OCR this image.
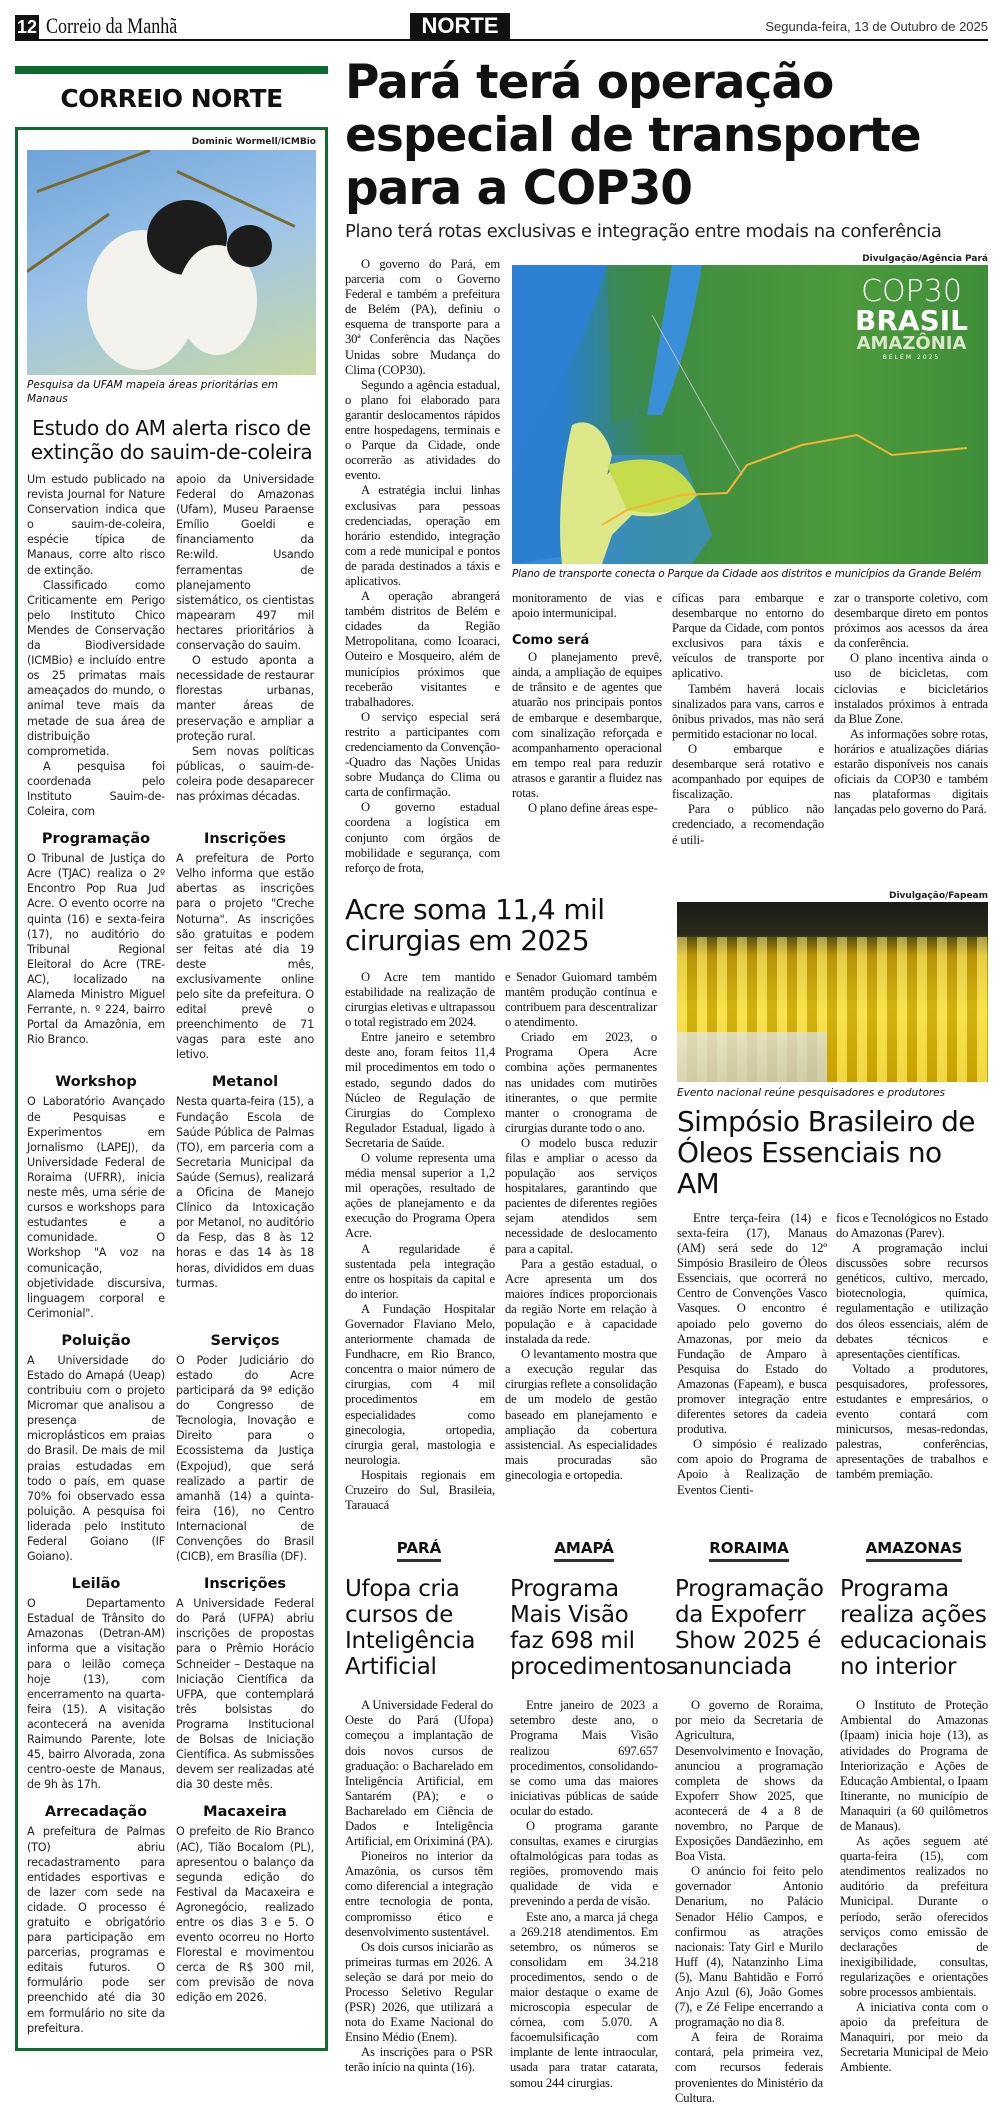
12 Correio da Manhã	NORTE	Segunda-feira, 13 de Outubro de 2025
CORREIO NORTE
Dominic Wormell/ICMBio
Pesquisa da UFAM mapeia áreas prioritárias em Manaus
Estudo do AM alerta risco de extinção do sauim-de-coleira

Um estudo publicado na revista Journal for Nature Conservation indica que o sauim-de-coleira, espécie típica de Manaus, corre alto risco de extinção.

Classificado como Criticamente em Perigo pelo Instituto Chico Mendes de Conservação da Biodiversidade (ICMBio) e incluído entre os 25 primatas mais ameaçados do mundo, o animal teve mais da metade de sua área de distribuição comprometida.

A pesquisa foi coordenada pelo Instituto Sauim-de-Coleira, com

apoio da Universidade Federal do Amazonas (Ufam), Museu Paraense Emílio Goeldi e financiamento da Re:wild. Usando ferramentas de planejamento sistemático, os cientistas mapearam 497 mil hectares prioritários à conservação do sauim.

O estudo aponta a necessidade de restaurar florestas urbanas, manter áreas de preservação e ampliar a proteção rural.

Sem novas políticas públicas, o sauim-de-coleira pode desaparecer nas próximas décadas.

Programação

O Tribunal de Justiça do Acre (TJAC) realiza o 2º Encontro Pop Rua Jud Acre. O evento ocorre na quinta (16) e sexta-feira (17), no auditório do Tribunal Regional Eleitoral do Acre (TRE-AC), localizado na Alameda Ministro Miguel Ferrante, n. º 224, bairro Portal da Amazônia, em Rio Branco.

Inscrições

A prefeitura de Porto Velho informa que estão abertas as inscrições para o projeto "Creche Noturna". As inscrições são gratuitas e podem ser feitas até dia 19 deste mês, exclusivamente online pelo site da prefeitura. O edital prevê o preenchimento de 71 vagas para este ano letivo.

Workshop

O Laboratório Avançado de Pesquisas e Experimentos em Jornalismo (LAPEJ), da Universidade Federal de Roraima (UFRR), inicia neste mês, uma série de cursos e workshops para estudantes e a comunidade. O Workshop "A voz na comunicação, objetividade discursiva, linguagem corporal e Cerimonial".

Metanol

Nesta quarta-feira (15), a Fundação Escola de Saúde Pública de Palmas (TO), em parceria com a Secretaria Municipal da Saúde (Semus), realizará a Oficina de Manejo Clínico da Intoxicação por Metanol, no auditório da Fesp, das 8 às 12 horas e das 14 às 18 horas, divididos em duas turmas.

Poluição

A Universidade do Estado do Amapá (Ueap) contribuiu com o projeto Micromar que analisou a presença de microplásticos em praias do Brasil. De mais de mil praias estudadas em todo o país, em quase 70% foi observado essa poluição. A pesquisa foi liderada pelo Instituto Federal Goiano (IF Goiano).

Serviços

O Poder Judiciário do estado do Acre participará da 9ª edição do Congresso de Tecnologia, Inovação e Direito para o Ecossistema da Justiça (Expojud), que será realizado a partir de amanhã (14) a quinta-feira (16), no Centro Internacional de Convenções do Brasil (CICB), em Brasília (DF).

Leilão

O Departamento Estadual de Trânsito do Amazonas (Detran-AM) informa que a visitação para o leilão começa hoje (13), com encerramento na quarta-feira (15). A visitação acontecerá na avenida Raimundo Parente, lote 45, bairro Alvorada, zona centro-oeste de Manaus, de 9h às 17h.

Inscrições

A Universidade Federal do Pará (UFPA) abriu inscrições de propostas para o Prêmio Horácio Schneider – Destaque na Iniciação Científica da UFPA, que contemplará três bolsistas do Programa Institucional de Bolsas de Iniciação Científica. As submissões devem ser realizadas até dia 30 deste mês.

Arrecadação

A prefeitura de Palmas (TO) abriu recadastramento para entidades esportivas e de lazer com sede na cidade. O processo é gratuito e obrigatório para participação em parcerias, programas e editais futuros. O formulário pode ser preenchido até dia 30 em formulário no site da prefeitura.

Macaxeira

O prefeito de Rio Branco (AC), Tião Bocalom (PL), apresentou o balanço da segunda edição do Festival da Macaxeira e Agronegócio, realizado entre os dias 3 e 5. O evento ocorreu no Horto Florestal e movimentou cerca de R$ 300 mil, com previsão de nova edição em 2026.

Pará terá operação especial de transporte para a COP30
Plano terá rotas exclusivas e integração entre modais na conferência

O governo do Pará, em parceria com o Governo Federal e também a prefeitura de Belém (PA), definiu o esquema de transporte para a 30ª Conferência das Nações Unidas sobre Mudança do Clima (COP30).

Segundo a agência estadual, o plano foi elaborado para garantir deslocamentos rápidos entre hospedagens, terminais e o Parque da Cidade, onde ocorrerão as atividades do evento.

A estratégia inclui linhas exclusivas para pessoas credenciadas, operação em horário estendido, integração com a rede municipal e pontos de parada destinados a táxis e aplicativos.

A operação abrangerá também distritos de Belém e cidades da Região Metropolitana, como Icoaraci, Outeiro e Mosqueiro, além de municípios próximos que receberão visitantes e trabalhadores.

O serviço especial será restrito a participantes com credenciamento da Convenção--Quadro das Nações Unidas sobre Mudança do Clima ou carta de confirmação.

O governo estadual coordena a logística em conjunto com órgãos de mobilidade e segurança, com reforço de frota,

Divulgação/Agência Pará
COP30
BRASIL
AMAZÔNIA
BELÉM 2025
Plano de transporte conecta o Parque da Cidade aos distritos e municípios da Grande Belém

monitoramento de vias e apoio intermunicipal.

Como será

O planejamento prevê, ainda, a ampliação de equipes de trânsito e de agentes que atuarão nos principais pontos de embarque e desembarque, com sinalização reforçada e acompanhamento operacional em tempo real para reduzir atrasos e garantir a fluidez nas rotas.

O plano define áreas espe-

cíficas para embarque e desembarque no entorno do Parque da Cidade, com pontos exclusivos para táxis e veículos de transporte por aplicativo.

Também haverá locais sinalizados para vans, carros e ônibus privados, mas não será permitido estacionar no local.

O embarque e desembarque será rotativo e acompanhado por equipes de fiscalização.

Para o público não credenciado, a recomendação é utili-

zar o transporte coletivo, com desembarque direto em pontos próximos aos acessos da área da conferência.

O plano incentiva ainda o uso de bicicletas, com ciclovias e bicicletários instalados próximos à entrada da Blue Zone.

As informações sobre rotas, horários e atualizações diárias estarão disponíveis nos canais oficiais da COP30 e também nas plataformas digitais lançadas pelo governo do Pará.

Acre soma 11,4 mil cirurgias em 2025

O Acre tem mantido estabilidade na realização de cirurgias eletivas e ultrapassou o total registrado em 2024.

Entre janeiro e setembro deste ano, foram feitos 11,4 mil procedimentos em todo o estado, segundo dados do Núcleo de Regulação de Cirurgias do Complexo Regulador Estadual, ligado à Secretaria de Saúde.

O volume representa uma média mensal superior a 1,2 mil operações, resultado de ações de planejamento e da execução do Programa Opera Acre.

A regularidade é sustentada pela integração entre os hospitais da capital e do interior.

A Fundação Hospitalar Governador Flaviano Melo, anteriormente chamada de Fundhacre, em Rio Branco, concentra o maior número de cirurgias, com 4 mil procedimentos em especialidades como ginecologia, ortopedia, cirurgia geral, mastologia e neurologia.

Hospitais regionais em Cruzeiro do Sul, Brasileia, Tarauacá

e Senador Guiomard também mantêm produção contínua e contribuem para descentralizar o atendimento.

Criado em 2023, o Programa Opera Acre combina ações permanentes nas unidades com mutirões itinerantes, o que permite manter o cronograma de cirurgias durante todo o ano.

O modelo busca reduzir filas e ampliar o acesso da população aos serviços hospitalares, garantindo que pacientes de diferentes regiões sejam atendidos sem necessidade de deslocamento para a capital.

Para a gestão estadual, o Acre apresenta um dos maiores índices proporcionais da região Norte em relação à população e à capacidade instalada da rede.

O levantamento mostra que a execução regular das cirurgias reflete a consolidação de um modelo de gestão baseado em planejamento e ampliação da cobertura assistencial. As especialidades mais procuradas são ginecologia e ortopedia.

Divulgação/Fapeam
Evento nacional reúne pesquisadores e produtores
Simpósio Brasileiro de Óleos Essenciais no AM

Entre terça-feira (14) e sexta-feira (17), Manaus (AM) será sede do 12º Simpósio Brasileiro de Óleos Essenciais, que ocorrerá no Centro de Convenções Vasco Vasques. O encontro é apoiado pelo governo do Amazonas, por meio da Fundação de Amparo à Pesquisa do Estado do Amazonas (Fapeam), e busca promover integração entre diferentes setores da cadeia produtiva.

O simpósio é realizado com apoio do Programa de Apoio à Realização de Eventos Cienti-

ficos e Tecnológicos no Estado do Amazonas (Parev).

A programação inclui discussões sobre recursos genéticos, cultivo, mercado, biotecnologia, química, regulamentação e utilização dos óleos essenciais, além de debates técnicos e apresentações científicas.

Voltado a produtores, pesquisadores, professores, estudantes e empresários, o evento contará com minicursos, mesas-redondas, palestras, conferências, apresentações de trabalhos e também premiação.

PARÁ
Ufopa cria cursos de Inteligência Artificial

A Universidade Federal do Oeste do Pará (Ufopa) começou a implantação de dois novos cursos de graduação: o Bacharelado em Inteligência Artificial, em Santarém (PA); e o Bacharelado em Ciência de Dados e Inteligência Artificial, em Oriximiná (PA).

Pioneiros no interior da Amazônia, os cursos têm como diferencial a integração entre tecnologia de ponta, compromisso ético e desenvolvimento sustentável.

Os dois cursos iniciarão as primeiras turmas em 2026. A seleção se dará por meio do Processo Seletivo Regular (PSR) 2026, que utilizará a nota do Exame Nacional do Ensino Médio (Enem).

As inscrições para o PSR terão início na quinta (16).

AMAPÁ
Programa Mais Visão faz 698 mil procedimentos

Entre janeiro de 2023 a setembro deste ano, o Programa Mais Visão realizou 697.657 procedimentos, consolidando-se como uma das maiores iniciativas públicas de saúde ocular do estado.

O programa garante consultas, exames e cirurgias oftalmológicas para todas as regiões, promovendo mais qualidade de vida e prevenindo a perda de visão.

Este ano, a marca já chega a 269.218 atendimentos. Em setembro, os números se consolidam em 34.218 procedimentos, sendo o de maior destaque o exame de microscopia especular de córnea, com 5.070. A facoemulsificação com implante de lente intraocular, usada para tratar catarata, somou 244 cirurgias.

RORAIMA
Programação da Expoferr Show 2025 é anunciada

O governo de Roraima, por meio da Secretaria de Agricultura, Desenvolvimento e Inovação, anunciou a programação completa de shows da Expoferr Show 2025, que acontecerá de 4 a 8 de novembro, no Parque de Exposições Dandãezinho, em Boa Vista.

O anúncio foi feito pelo governador Antonio Denarium, no Palácio Senador Hélio Campos, e confirmou as atrações nacionais: Taty Girl e Murilo Huff (4), Natanzinho Lima (5), Manu Bahtidão e Forró Anjo Azul (6), João Gomes (7), e Zé Felipe encerrando a programação no dia 8.

A feira de Roraima contará, pela primeira vez, com recursos federais provenientes do Ministério da Cultura.

AMAZONAS
Programa realiza ações educacionais no interior

O Instituto de Proteção Ambiental do Amazonas (Ipaam) inicia hoje (13), as atividades do Programa de Interiorização e Ações de Educação Ambiental, o Ipaam Itinerante, no município de Manaquiri (a 60 quilômetros de Manaus).

As ações seguem até quarta-feira (15), com atendimentos realizados no auditório da prefeitura Municipal. Durante o período, serão oferecidos serviços como emissão de declarações de inexigibilidade, consultas, regularizações e orientações sobre processos ambientais.

A iniciativa conta com o apoio da prefeitura de Manaquiri, por meio da Secretaria Municipal de Meio Ambiente.
